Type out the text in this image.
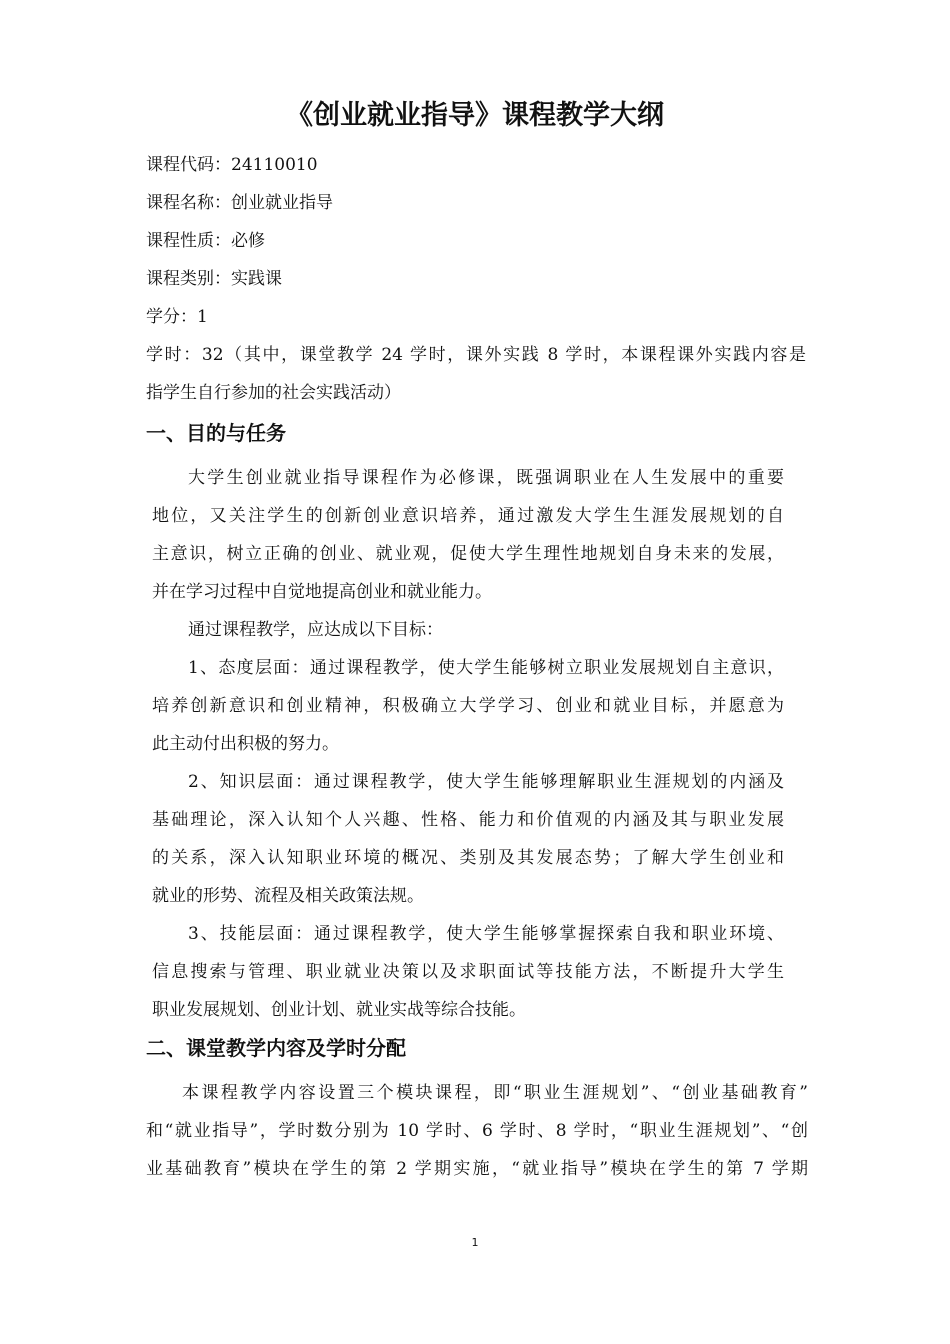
《创业就业指导》课程教学大纲
课程代码：24110010
课程名称：创业就业指导
课程性质：必修
课程类别：实践课
学分：1
学时：32（其中，课堂教学 24 学时，课外实践 8 学时，本课程课外实践内容是
指学生自行参加的社会实践活动）
一、目的与任务
大学生创业就业指导课程作为必修课，既强调职业在人生发展中的重要
地位，又关注学生的创新创业意识培养，通过激发大学生生涯发展规划的自
主意识，树立正确的创业、就业观，促使大学生理性地规划自身未来的发展，
并在学习过程中自觉地提高创业和就业能力。
通过课程教学，应达成以下目标：
1、态度层面：通过课程教学，使大学生能够树立职业发展规划自主意识，
培养创新意识和创业精神，积极确立大学学习、创业和就业目标，并愿意为
此主动付出积极的努力。
2、知识层面：通过课程教学，使大学生能够理解职业生涯规划的内涵及
基础理论，深入认知个人兴趣、性格、能力和价值观的内涵及其与职业发展
的关系，深入认知职业环境的概况、类别及其发展态势；了解大学生创业和
就业的形势、流程及相关政策法规。
3、技能层面：通过课程教学，使大学生能够掌握探索自我和职业环境、
信息搜索与管理、职业就业决策以及求职面试等技能方法，不断提升大学生
职业发展规划、创业计划、就业实战等综合技能。
二、课堂教学内容及学时分配
本课程教学内容设置三个模块课程，即“职业生涯规划”、“创业基础教育”
和“就业指导”，学时数分别为 10 学时、6 学时、8 学时，“职业生涯规划”、“创
业基础教育”模块在学生的第 2 学期实施，“就业指导”模块在学生的第 7 学期
1
